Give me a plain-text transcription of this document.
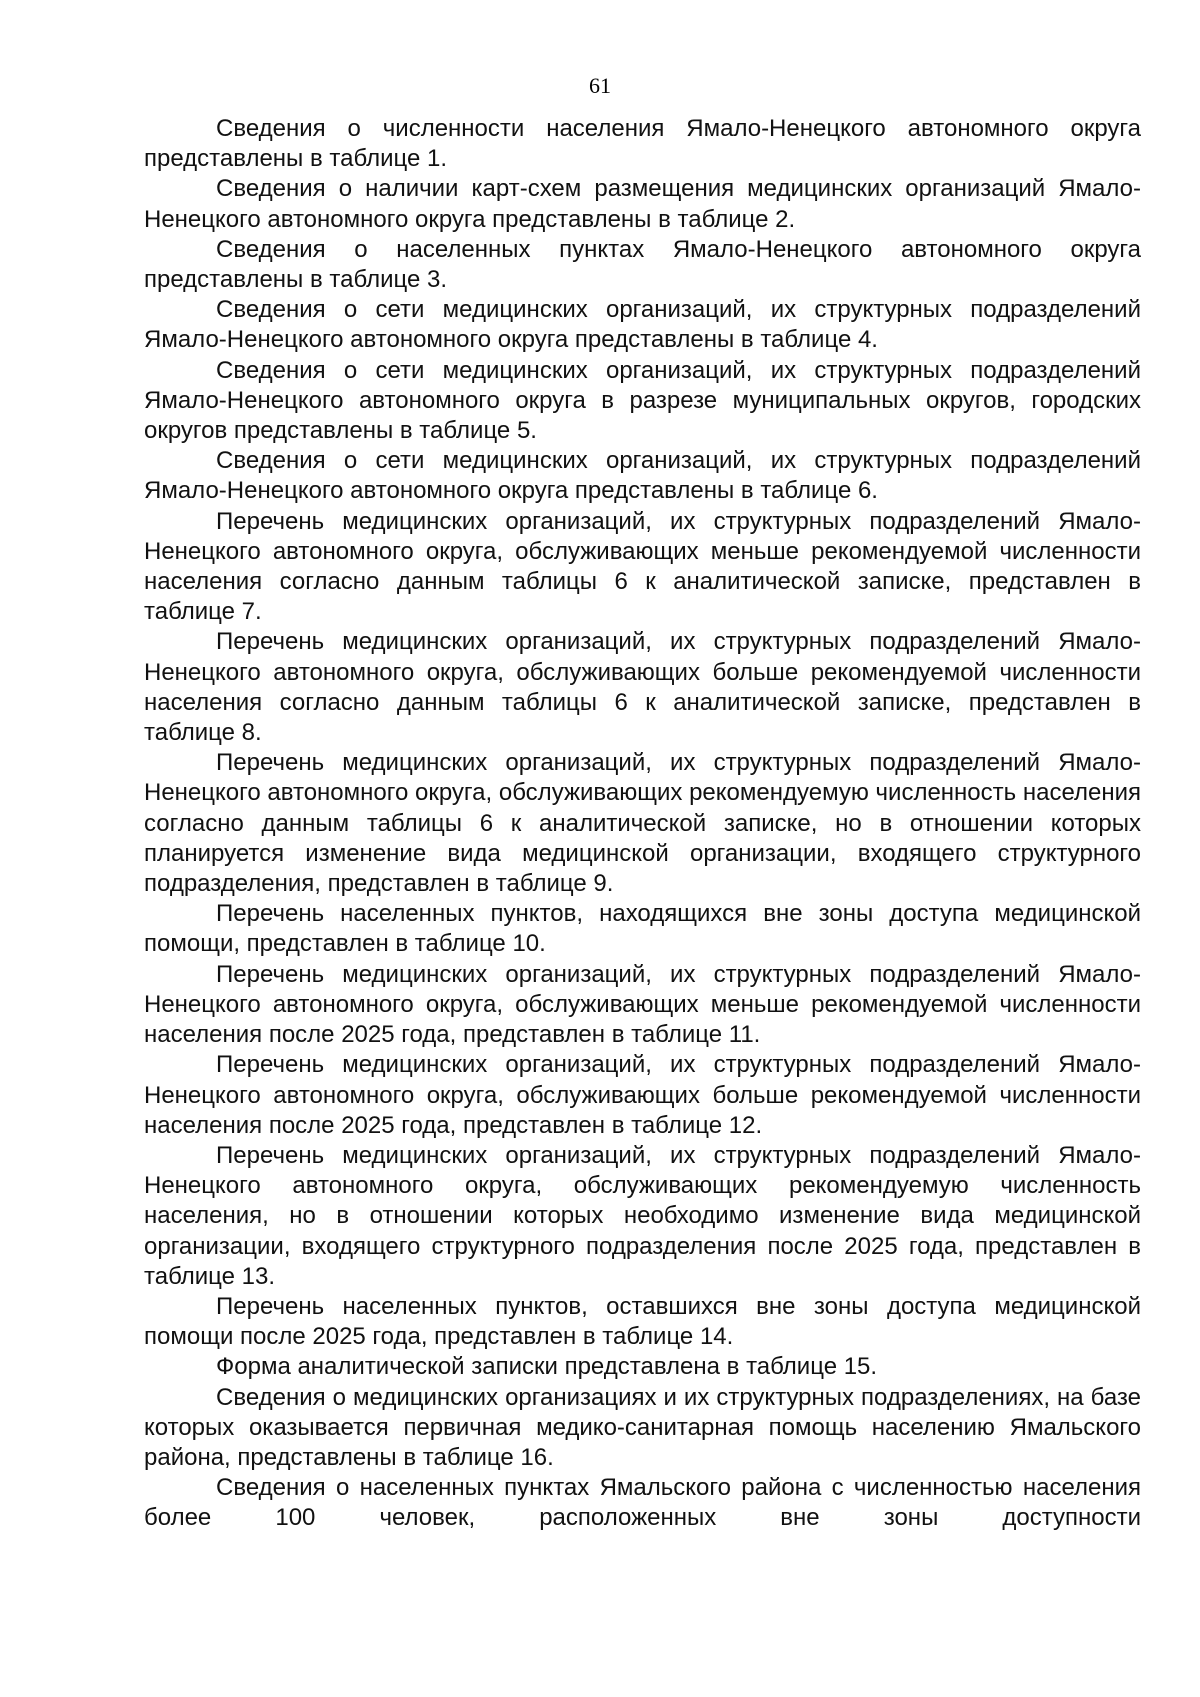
61

Сведения о численности населения Ямало-Ненецкого автономного округа представлены в таблице 1.

Сведения о наличии карт-схем размещения медицинских организаций Ямало-Ненецкого автономного округа представлены в таблице 2.

Сведения о населенных пунктах Ямало-Ненецкого автономного округа представлены в таблице 3.

Сведения о сети медицинских организаций, их структурных подразделений Ямало-Ненецкого автономного округа представлены в таблице 4.

Сведения о сети медицинских организаций, их структурных подразделений Ямало-Ненецкого автономного округа в разрезе муниципальных округов, городских округов представлены в таблице 5.

Сведения о сети медицинских организаций, их структурных подразделений Ямало-Ненецкого автономного округа представлены в таблице 6.

Перечень медицинских организаций, их структурных подразделений Ямало-Ненецкого автономного округа, обслуживающих меньше рекомендуемой численности населения согласно данным таблицы 6 к аналитической записке, представлен в таблице 7.

Перечень медицинских организаций, их структурных подразделений Ямало-Ненецкого автономного округа, обслуживающих больше рекомендуемой численности населения согласно данным таблицы 6 к аналитической записке, представлен в таблице 8.

Перечень медицинских организаций, их структурных подразделений Ямало-Ненецкого автономного округа, обслуживающих рекомендуемую численность населения согласно данным таблицы 6 к аналитической записке, но в отношении которых планируется изменение вида медицинской организации, входящего структурного подразделения, представлен в таблице 9.

Перечень населенных пунктов, находящихся вне зоны доступа медицинской помощи, представлен в таблице 10.

Перечень медицинских организаций, их структурных подразделений Ямало-Ненецкого автономного округа, обслуживающих меньше рекомендуемой численности населения после 2025 года, представлен в таблице 11.

Перечень медицинских организаций, их структурных подразделений Ямало-Ненецкого автономного округа, обслуживающих больше рекомендуемой численности населения после 2025 года, представлен в таблице 12.

Перечень медицинских организаций, их структурных подразделений Ямало-Ненецкого автономного округа, обслуживающих рекомендуемую численность населения, но в отношении которых необходимо изменение вида медицинской организации, входящего структурного подразделения после 2025 года, представлен в таблице 13.

Перечень населенных пунктов, оставшихся вне зоны доступа медицинской помощи после 2025 года, представлен в таблице 14.

Форма аналитической записки представлена в таблице 15.

Сведения о медицинских организациях и их структурных подразделениях, на базе которых оказывается первичная медико-санитарная помощь населению Ямальского района, представлены в таблице 16.

Сведения о населенных пунктах Ямальского района с численностью населения более 100 человек, расположенных вне зоны доступности
